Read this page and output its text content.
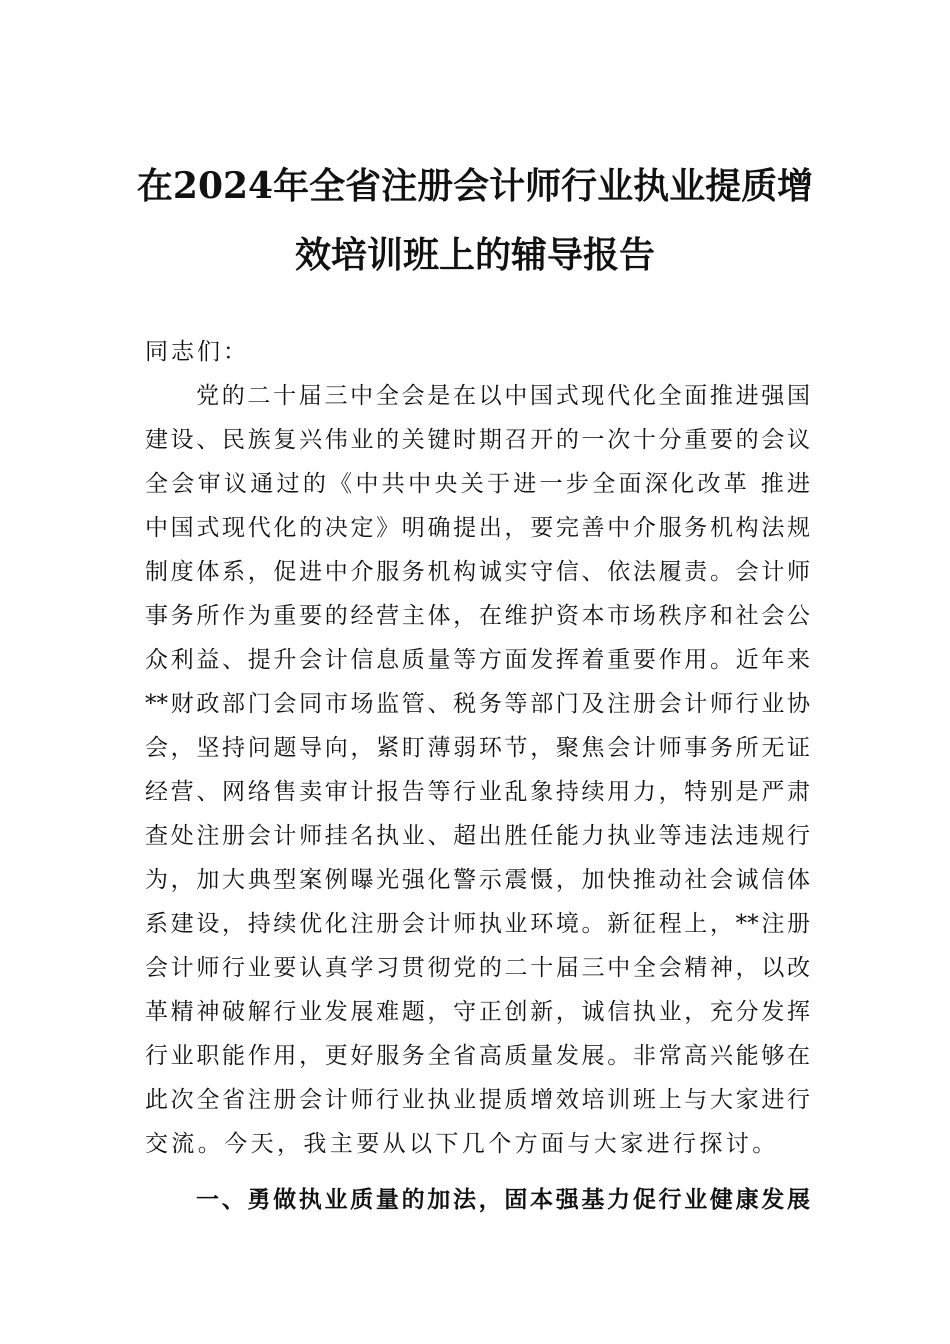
在2024年全省注册会计师行业执业提质增
效培训班上的辅导报告
同志们：
党的二十届三中全会是在以中国式现代化全面推进强国
建设、民族复兴伟业的关键时期召开的一次十分重要的会议
全会审议通过的《中共中央关于进一步全面深化改革 推进
中国式现代化的决定》明确提出，要完善中介服务机构法规
制度体系，促进中介服务机构诚实守信、依法履责。会计师
事务所作为重要的经营主体，在维护资本市场秩序和社会公
众利益、提升会计信息质量等方面发挥着重要作用。近年来
**财政部门会同市场监管、税务等部门及注册会计师行业协
会，坚持问题导向，紧盯薄弱环节，聚焦会计师事务所无证
经营、网络售卖审计报告等行业乱象持续用力，特别是严肃
查处注册会计师挂名执业、超出胜任能力执业等违法违规行
为，加大典型案例曝光强化警示震慑，加快推动社会诚信体
系建设，持续优化注册会计师执业环境。新征程上，**注册
会计师行业要认真学习贯彻党的二十届三中全会精神，以改
革精神破解行业发展难题，守正创新，诚信执业，充分发挥
行业职能作用，更好服务全省高质量发展。非常高兴能够在
此次全省注册会计师行业执业提质增效培训班上与大家进行
交流。今天，我主要从以下几个方面与大家进行探讨。
一、勇做执业质量的加法，固本强基力促行业健康发展
